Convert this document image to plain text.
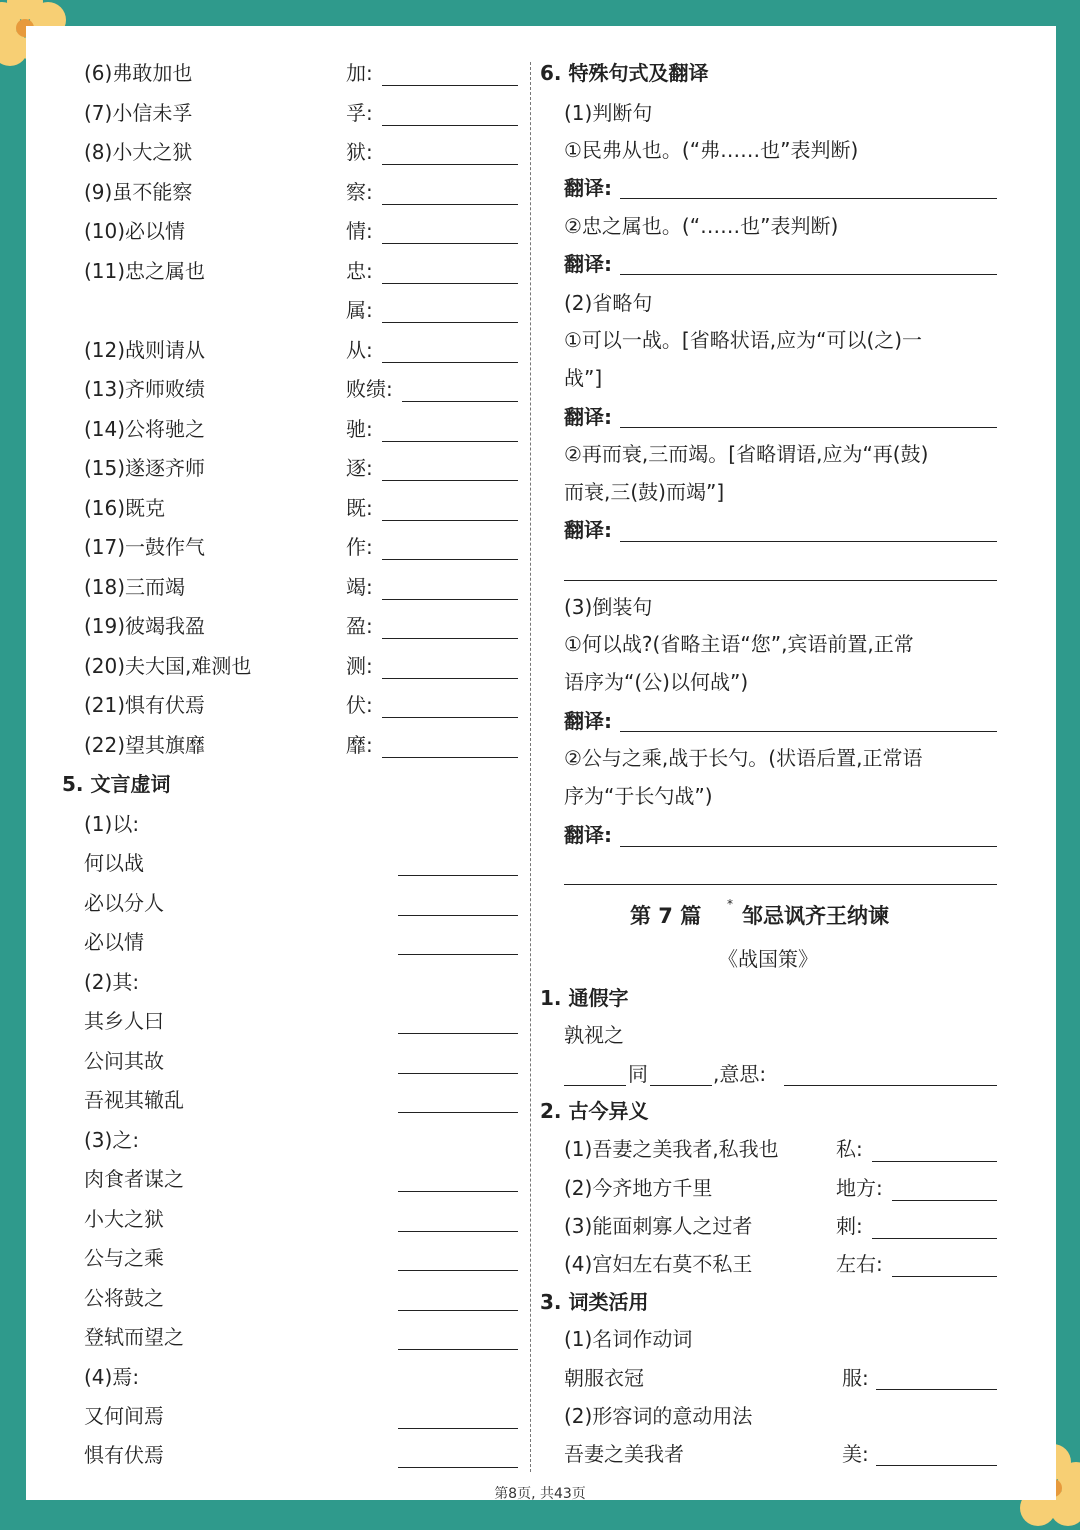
(6)弗敢加也	加:
(7)小信未孚	孚:
(8)小大之狱	狱:
(9)虽不能察	察:
(10)必以情	情:
(11)忠之属也	忠:
属:
(12)战则请从	从:
(13)齐师败绩	败绩:
(14)公将驰之	驰:
(15)遂逐齐师	逐:
(16)既克	既:
(17)一鼓作气	作:
(18)三而竭	竭:
(19)彼竭我盈	盈:
(20)夫大国,难测也	测:
(21)惧有伏焉	伏:
(22)望其旗靡	靡:
5. 文言虚词
(1)以:
何以战
必以分人
必以情
(2)其:
其乡人曰
公问其故
吾视其辙乱
(3)之:
肉食者谋之
小大之狱
公与之乘
公将鼓之
登轼而望之
(4)焉:
又何间焉
惧有伏焉
6. 特殊句式及翻译
(1)判断句
①民弗从也。(“弗……也”表判断)
翻译:
②忠之属也。(“……也”表判断)
翻译:
(2)省略句
①可以一战。[省略状语,应为“可以(之)一
战”]
翻译:
②再而衰,三而竭。[省略谓语,应为“再(鼓)
而衰,三(鼓)而竭”]
翻译:
(3)倒装句
①何以战?(省略主语“您”,宾语前置,正常
语序为“(公)以何战”)
翻译:
②公与之乘,战于长勺。(状语后置,正常语
序为“于长勺战”)
翻译:
第 7 篇 * 邹忌讽齐王纳谏
《战国策》
1. 通假字
孰视之
同	,意思:
2. 古今异义
(1)吾妻之美我者,私我也	私:
(2)今齐地方千里	地方:
(3)能面刺寡人之过者	刺:
(4)宫妇左右莫不私王	左右:
3. 词类活用
(1)名词作动词
朝服衣冠	服:
(2)形容词的意动用法
吾妻之美我者	美:
第8页, 共43页
